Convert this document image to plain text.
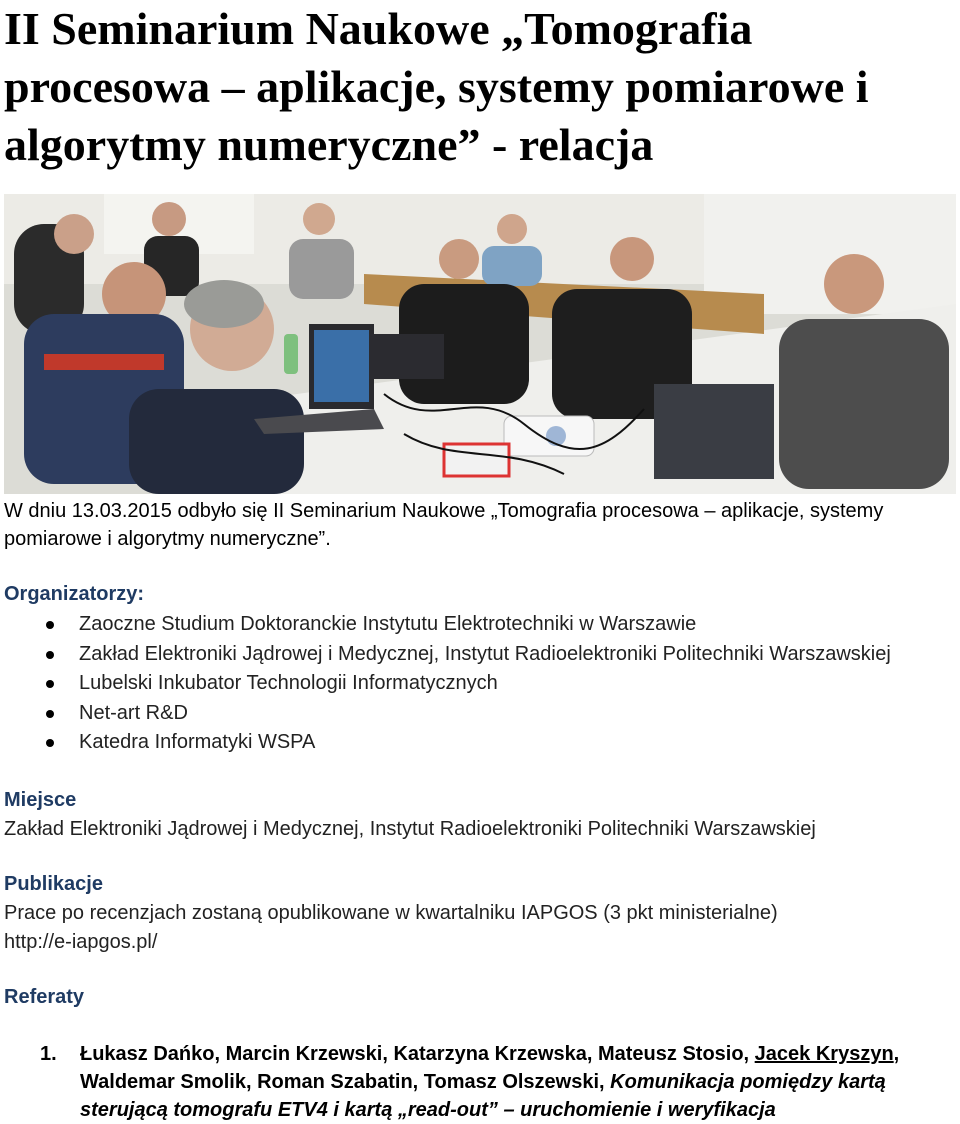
II Seminarium Naukowe „Tomografia procesowa – aplikacje, systemy pomiarowe i algorytmy numeryczne” - relacja
W dniu 13.03.2015 odbyło się II Seminarium Naukowe „Tomografia procesowa – aplikacje, systemy pomiarowe i algorytmy numeryczne”.
Organizatorzy:
Zaoczne Studium Doktoranckie Instytutu Elektrotechniki w Warszawie
Zakład Elektroniki Jądrowej i Medycznej, Instytut Radioelektroniki Politechniki Warszawskiej
Lubelski Inkubator Technologii Informatycznych
Net-art R&D
Katedra Informatyki WSPA
Miejsce
Zakład Elektroniki Jądrowej i Medycznej, Instytut Radioelektroniki Politechniki Warszawskiej
Publikacje
Prace po recenzjach zostaną opublikowane w kwartalniku IAPGOS (3 pkt ministerialne)
http://e-iapgos.pl/
Referaty
1. Łukasz Dańko, Marcin Krzewski, Katarzyna Krzewska, Mateusz Stosio, Jacek Kryszyn, Waldemar Smolik, Roman Szabatin, Tomasz Olszewski, Komunikacja pomiędzy kartą sterującą tomografu ETV4 i kartą „read-out” – uruchomienie i weryfikacja
